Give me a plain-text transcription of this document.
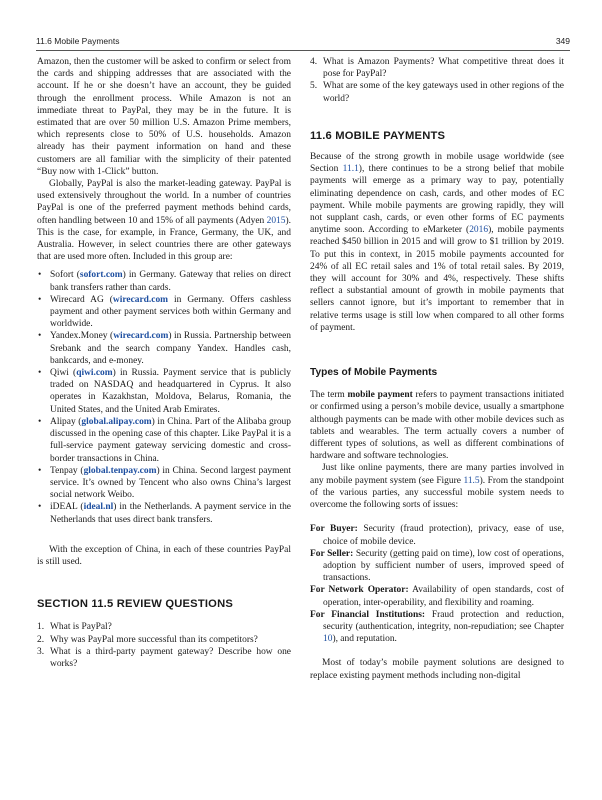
11.6 Mobile Payments	349

Amazon, then the customer will be asked to confirm or select from the cards and shipping addresses that are associated with the account. If he or she doesn’t have an account, they be guided through the enrollment process. While Amazon is not an immediate threat to PayPal, they may be in the future. It is estimated that are over 50 million U.S. Amazon Prime members, which represents close to 50% of U.S. households. Amazon already has their payment information on hand and these customers are all familiar with the simplicity of their patented “Buy now with 1-Click” button.

Globally, PayPal is also the market-leading gateway. PayPal is used extensively throughout the world. In a number of countries PayPal is one of the preferred payment methods behind cards, often handling between 10 and 15% of all payments (Adyen 2015). This is the case, for example, in France, Germany, the UK, and Australia. However, in select countries there are other gateways that are used more often. Included in this group are:

• Sofort (sofort.com) in Germany. Gateway that relies on direct bank transfers rather than cards.
• Wirecard AG (wirecard.com in Germany. Offers cashless payment and other payment services both within Germany and worldwide.
• Yandex.Money (wirecard.com) in Russia. Partnership between Srebank and the search company Yandex. Handles cash, bankcards, and e-money.
• Qiwi (qiwi.com) in Russia. Payment service that is publicly traded on NASDAQ and headquartered in Cyprus. It also operates in Kazakhstan, Moldova, Belarus, Romania, the United States, and the United Arab Emirates.
• Alipay (global.alipay.com) in China. Part of the Alibaba group discussed in the opening case of this chapter. Like PayPal it is a full-service payment gateway servicing domestic and cross-border transactions in China.
• Tenpay (global.tenpay.com) in China. Second largest payment service. It’s owned by Tencent who also owns China’s largest social network Weibo.
• iDEAL (ideal.nl) in the Netherlands. A payment service in the Netherlands that uses direct bank transfers.

With the exception of China, in each of these countries PayPal is still used.

SECTION 11.5 REVIEW QUESTIONS
1. What is PayPal?
2. Why was PayPal more successful than its competitors?
3. What is a third-party payment gateway? Describe how one works?
4. What is Amazon Payments? What competitive threat does it pose for PayPal?
5. What are some of the key gateways used in other regions of the world?
11.6 MOBILE PAYMENTS

Because of the strong growth in mobile usage worldwide (see Section 11.1), there continues to be a strong belief that mobile payments will emerge as a primary way to pay, potentially eliminating dependence on cash, cards, and other modes of EC payment. While mobile payments are growing rapidly, they will not supplant cash, cards, or even other forms of EC payments anytime soon. According to eMarketer (2016), mobile payments reached $450 billion in 2015 and will grow to $1 trillion by 2019. To put this in context, in 2015 mobile payments accounted for 24% of all EC retail sales and 1% of total retail sales. By 2019, they will account for 30% and 4%, respectively. These shifts reflect a substantial amount of growth in mobile payments that sellers cannot ignore, but it’s important to remember that in relative terms usage is still low when compared to all other forms of payment.

Types of Mobile Payments

The term mobile payment refers to payment transactions initiated or confirmed using a person’s mobile device, usually a smartphone although payments can be made with other mobile devices such as tablets and wearables. The term actually covers a number of different types of solutions, as well as different combinations of hardware and software technologies.

Just like online payments, there are many parties involved in any mobile payment system (see Figure 11.5). From the standpoint of the various parties, any successful mobile system needs to overcome the following sorts of issues:

For Buyer: Security (fraud protection), privacy, ease of use, choice of mobile device.

For Seller: Security (getting paid on time), low cost of operations, adoption by sufficient number of users, improved speed of transactions.

For Network Operator: Availability of open standards, cost of operation, inter-operability, and flexibility and roaming.

For Financial Institutions: Fraud protection and reduction, security (authentication, integrity, non-repudiation; see Chapter 10), and reputation.

Most of today’s mobile payment solutions are designed to replace existing payment methods including non-digital
